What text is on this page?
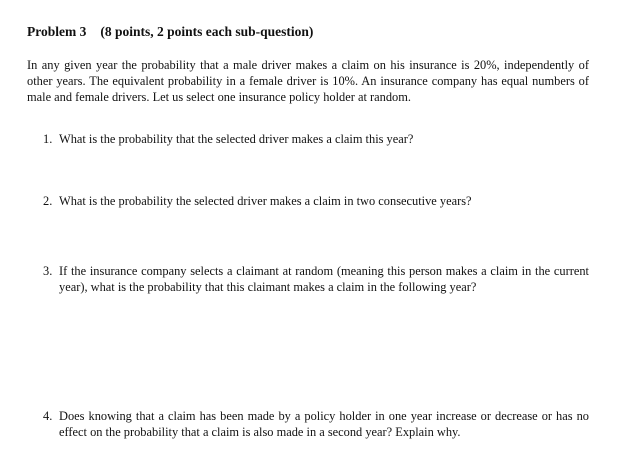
Problem 3 (8 points, 2 points each sub-question)
In any given year the probability that a male driver makes a claim on his insurance is 20%, independently of other years. The equivalent probability in a female driver is 10%. An insurance company has equal numbers of male and female drivers. Let us select one insurance policy holder at random.
1. What is the probability that the selected driver makes a claim this year?
2. What is the probability the selected driver makes a claim in two consecutive years?
3. If the insurance company selects a claimant at random (meaning this person makes a claim in the current year), what is the probability that this claimant makes a claim in the following year?
4. Does knowing that a claim has been made by a policy holder in one year increase or decrease or has no effect on the probability that a claim is also made in a second year? Explain why.
